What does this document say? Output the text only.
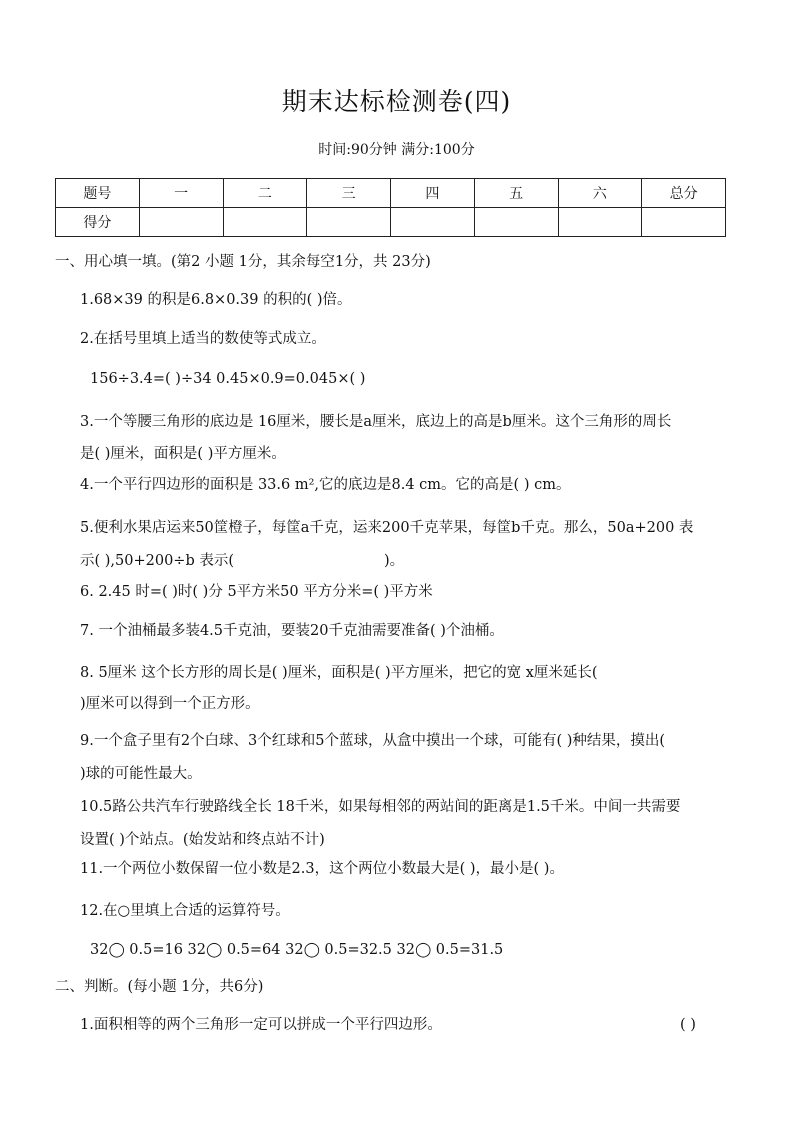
期末达标检测卷(四)
时间:90分钟 满分:100分
题号	一	二	三	四	五	六	总分
得分							
一、用心填一填。(第2 小题 1分，其余每空1分，共 23分)
1.68×39 的积是6.8×0.39 的积的( )倍。
2.在括号里填上适当的数使等式成立。
156÷3.4=( )÷34 0.45×0.9=0.045×( )
3.一个等腰三角形的底边是 16厘米，腰长是a厘米，底边上的高是b厘米。这个三角形的周长
是( )厘米，面积是( )平方厘米。
4.一个平行四边形的面积是 33.6 m²,它的底边是8.4 cm。它的高是( ) cm。
5.便利水果店运来50筐橙子，每筐a千克，运来200千克苹果，每筐b千克。那么，50a+200 表
示( ),50+200÷b 表示(	)。
6. 2.45 时=( )时( )分 5平方米50 平方分米=( )平方米
7. 一个油桶最多装4.5千克油，要装20千克油需要准备( )个油桶。
8. 5厘米 这个长方形的周长是( )厘米，面积是( )平方厘米，把它的宽 x厘米延长(
)厘米可以得到一个正方形。
9.一个盒子里有2个白球、3个红球和5个蓝球，从盒中摸出一个球，可能有( )种结果，摸出(
)球的可能性最大。
10.5路公共汽车行驶路线全长 18千米，如果每相邻的两站间的距离是1.5千米。中间一共需要
设置( )个站点。(始发站和终点站不计)
11.一个两位小数保留一位小数是2.3，这个两位小数最大是( )，最小是( )。
12.在○里填上合适的运算符号。
32◯ 0.5=16 32◯ 0.5=64 32◯ 0.5=32.5 32◯ 0.5=31.5
二、判断。(每小题 1分，共6分)
1.面积相等的两个三角形一定可以拼成一个平行四边形。	( )
